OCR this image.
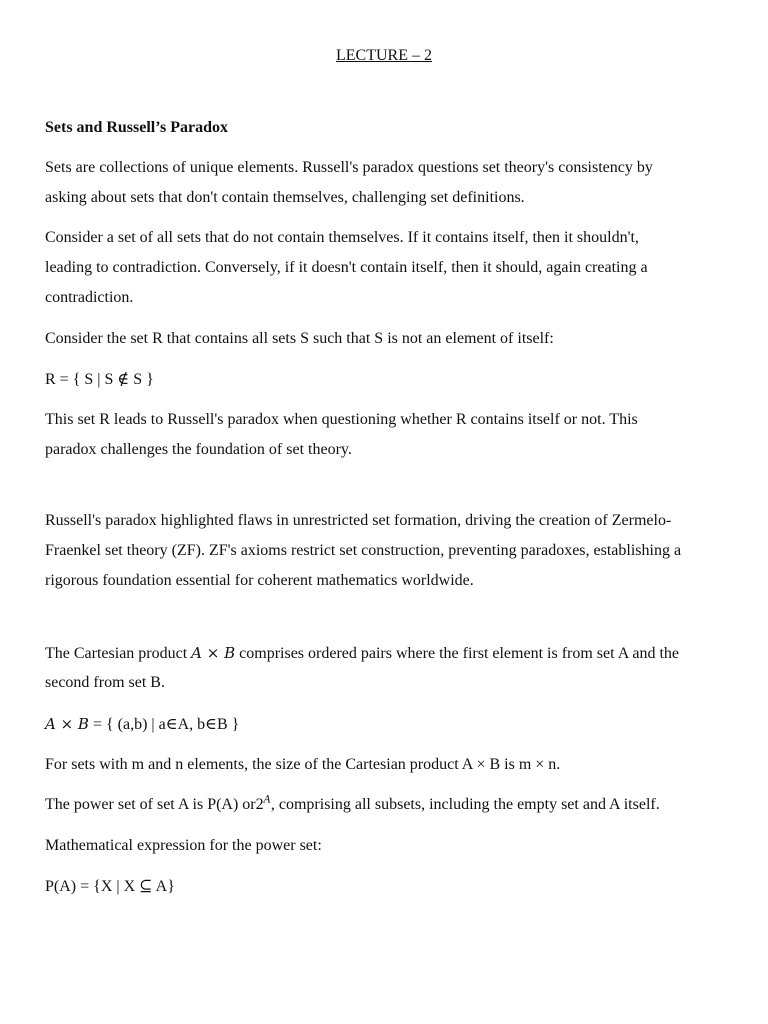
LECTURE – 2

Sets and Russell’s Paradox

Sets are collections of unique elements. Russell's paradox questions set theory's consistency by

asking about sets that don't contain themselves, challenging set definitions.

Consider a set of all sets that do not contain themselves. If it contains itself, then it shouldn't,

leading to contradiction. Conversely, if it doesn't contain itself, then it should, again creating a

contradiction.

Consider the set R that contains all sets S such that S is not an element of itself:

R = { S | S ∉ S }

This set R leads to Russell's paradox when questioning whether R contains itself or not. This

paradox challenges the foundation of set theory.

Russell's paradox highlighted flaws in unrestricted set formation, driving the creation of Zermelo-

Fraenkel set theory (ZF). ZF's axioms restrict set construction, preventing paradoxes, establishing a

rigorous foundation essential for coherent mathematics worldwide.

The Cartesian product A × B comprises ordered pairs where the first element is from set A and the

second from set B.

A × B = { (a,b) | a∈A, b∈B }

For sets with m and n elements, the size of the Cartesian product A × B is m × n.

The power set of set A is P(A) $or2^A$, comprising all subsets, including the empty set and A itself.

Mathematical expression for the power set:

P(A) = {X | X ⊆ A}
